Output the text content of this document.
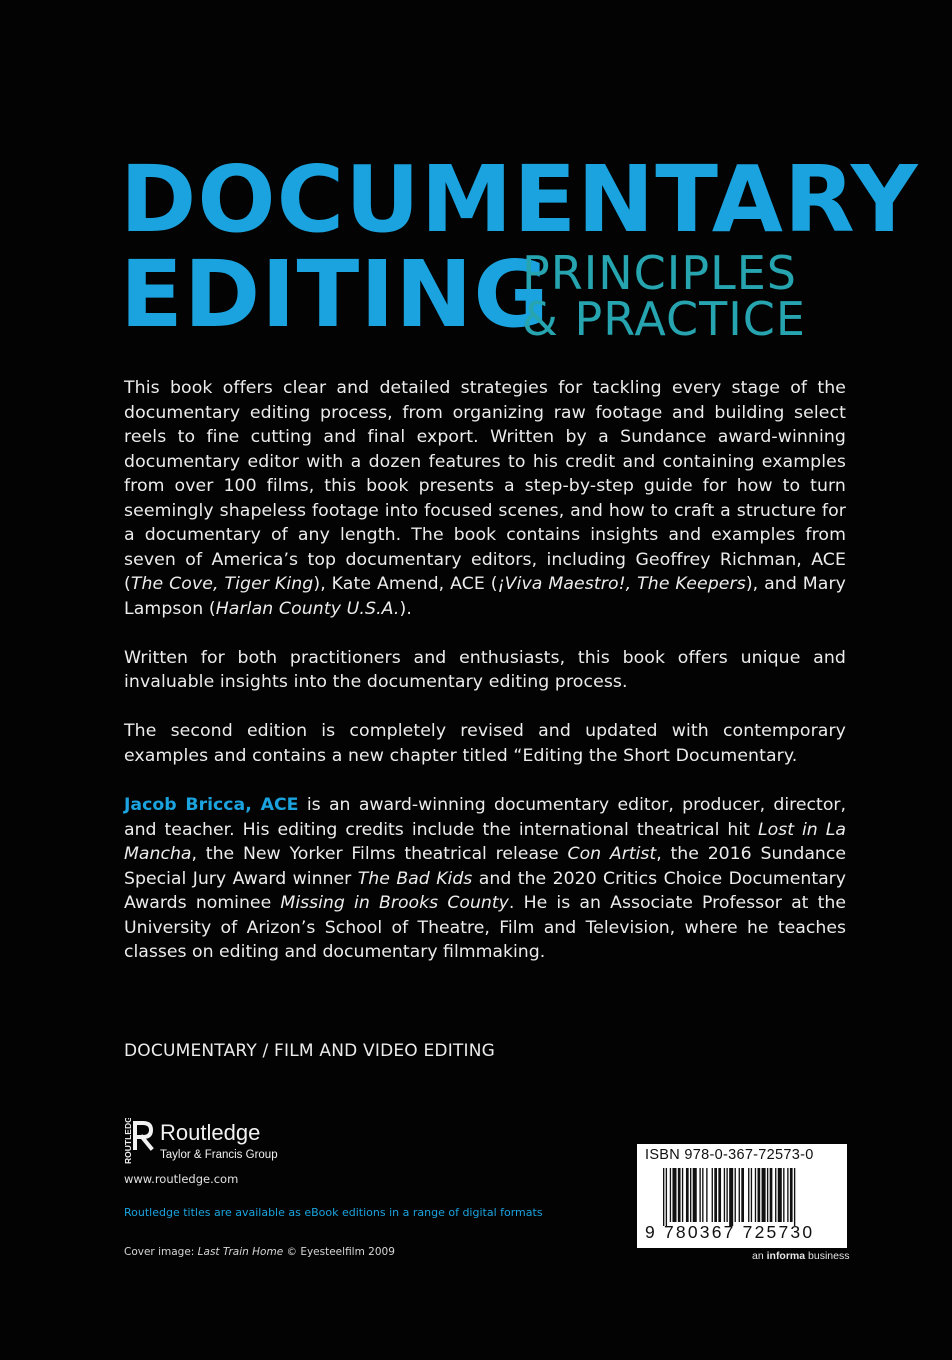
DOCUMENTARY
EDITING
PRINCIPLES
& PRACTICE

This book offers clear and detailed strategies for tackling every stage of the documentary editing process, from organizing raw footage and building select reels to fine cutting and final export. Written by a Sundance award-winning documentary editor with a dozen features to his credit and containing examples from over 100 films, this book presents a step-by-step guide for how to turn seemingly shapeless footage into focused scenes, and how to craft a structure for a documentary of any length. The book contains insights and examples from seven of America’s top documentary editors, including Geoffrey Richman, ACE (The Cove, Tiger King), Kate Amend, ACE (¡Viva Maestro!, The Keepers), and Mary Lampson (Harlan County U.S.A.).

Written for both practitioners and enthusiasts, this book offers unique and invaluable insights into the documentary editing process.

The second edition is completely revised and updated with contemporary examples and contains a new chapter titled “Editing the Short Documentary.

Jacob Bricca, ACE is an award-winning documentary editor, producer, director, and teacher. His editing credits include the international theatrical hit Lost in La Mancha, the New Yorker Films theatrical release Con Artist, the 2016 Sundance Special Jury Award winner The Bad Kids and the 2020 Critics Choice Documentary Awards nominee Missing in Brooks County. He is an Associate Professor at the University of Arizon’s School of Theatre, Film and Television, where he teaches classes on editing and documentary filmmaking.
DOCUMENTARY / FILM AND VIDEO EDITING
ROUTLEDGE Routledge
Taylor & Francis Group
www.routledge.com
Routledge titles are available as eBook editions in a range of digital formats
Cover image: Last Train Home © Eyesteelfilm 2009
ISBN 978-0-367-72573-0
9 780367 725730
an informa business
